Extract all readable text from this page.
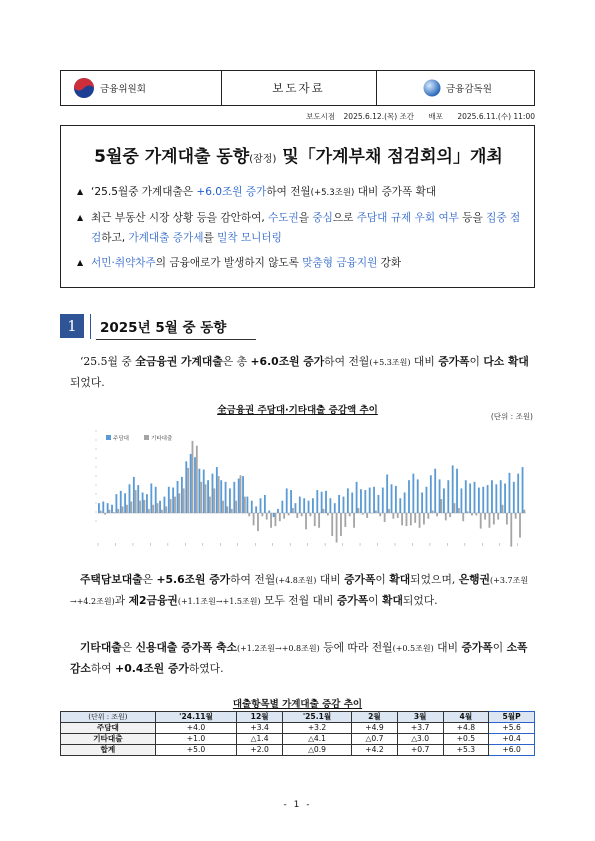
금융위원회	보도자료	금융감독원
보도시점 2025.6.12.(목) 조간 배포 2025.6.11.(수) 11:00
5월중 가계대출 동향(잠정) 및「가계부채 점검회의」개최
▲ ‘25.5월중 가계대출은 +6.0조원 증가하여 전월(+5.3조원) 대비 증가폭 확대
▲ 최근 부동산 시장 상황 등을 감안하여, 수도권을 중심으로 주담대 규제 우회 여부 등을 집중 점검하고, 가계대출 증가세를 밀착 모니터링
▲ 서민·취약차주의 금융애로가 발생하지 않도록 맞춤형 금융지원 강화
1	2025년 5월 중 동향
‘25.5월 중 全금융권 가계대출은 총 +6.0조원 증가하여 전월(+5.3조원) 대비 증가폭이 다소 확대되었다.
全금융권 주담대·기타대출 증감액 추이
(단위 : 조원)
주담대	기타대출
주택담보대출은 +5.6조원 증가하여 전월(+4.8조원) 대비 증가폭이 확대되었으며, 은행권(+3.7조원→+4.2조원)과 제2금융권(+1.1조원→+1.5조원) 모두 전월 대비 증가폭이 확대되었다.
기타대출은 신용대출 증가폭 축소(+1.2조원→+0.8조원) 등에 따라 전월(+0.5조원) 대비 증가폭이 소폭 감소하여 +0.4조원 증가하였다.
대출항목별 가계대출 증감 추이
(단위 : 조원)	'24.11월	12월	'25.1월	2월	3월	4월	5월P
주담대	+4.0	+3.4	+3.2	+4.9	+3.7	+4.8	+5.6
기타대출	+1.0	△1.4	△4.1	△0.7	△3.0	+0.5	+0.4
합계	+5.0	+2.0	△0.9	+4.2	+0.7	+5.3	+6.0
- 1 -
